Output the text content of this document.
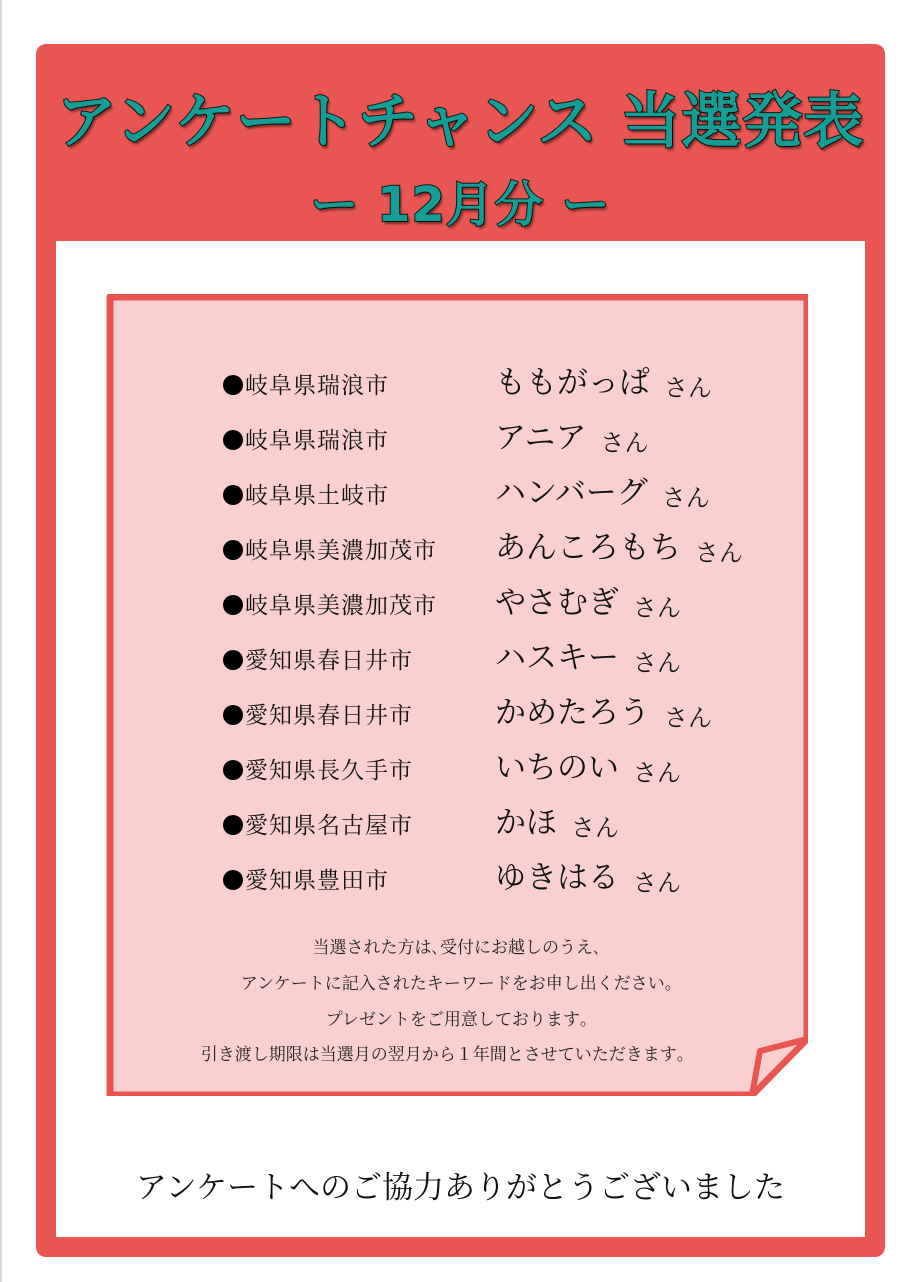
アンケートチャンス 当選発表
ー 12月分 ー
岐阜県瑞浪市	ももがっぱ さん
岐阜県瑞浪市	アニア さん
岐阜県土岐市	ハンバーグ さん
岐阜県美濃加茂市 あんころもち さん
岐阜県美濃加茂市 やさむぎ さん
愛知県春日井市	ハスキー さん
愛知県春日井市	かめたろう さん
愛知県長久手市	いちのい さん
愛知県名古屋市	かほ さん
愛知県豊田市	ゆきはる さん
当選された方は､受付にお越しのうえ､
アンケートに記入されたキーワードをお申し出ください｡
プレゼントをご用意しております｡
引き渡し期限は当選月の翌月から１年間とさせていただきます｡
アンケートへのご協力ありがとうございました
